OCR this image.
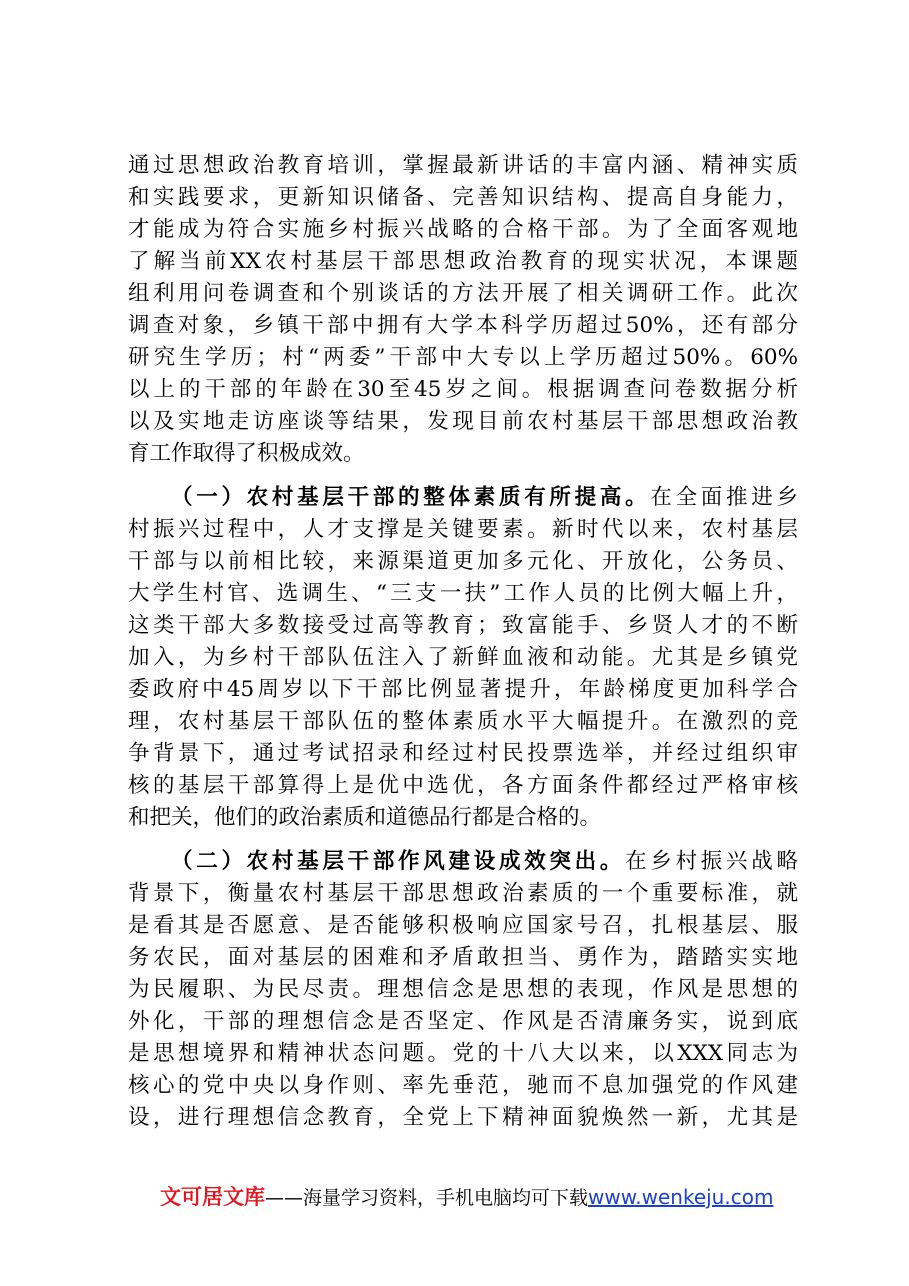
通过思想政治教育培训，掌握最新讲话的丰富内涵、精神实质
和实践要求，更新知识储备、完善知识结构、提高自身能力，
才能成为符合实施乡村振兴战略的合格干部。为了全面客观地
了解当前XX农村基层干部思想政治教育的现实状况，本课题
组利用问卷调查和个别谈话的方法开展了相关调研工作。此次
调查对象，乡镇干部中拥有大学本科学历超过50%，还有部分
研究生学历；村“两委”干部中大专以上学历超过50%。60%
以上的干部的年龄在30至45岁之间。根据调查问卷数据分析
以及实地走访座谈等结果，发现目前农村基层干部思想政治教
育工作取得了积极成效。
（一）农村基层干部的整体素质有所提高。在全面推进乡
村振兴过程中，人才支撑是关键要素。新时代以来，农村基层
干部与以前相比较，来源渠道更加多元化、开放化，公务员、
大学生村官、选调生、“三支一扶”工作人员的比例大幅上升，
这类干部大多数接受过高等教育；致富能手、乡贤人才的不断
加入，为乡村干部队伍注入了新鲜血液和动能。尤其是乡镇党
委政府中45周岁以下干部比例显著提升，年龄梯度更加科学合
理，农村基层干部队伍的整体素质水平大幅提升。在激烈的竞
争背景下，通过考试招录和经过村民投票选举，并经过组织审
核的基层干部算得上是优中选优，各方面条件都经过严格审核
和把关，他们的政治素质和道德品行都是合格的。
（二）农村基层干部作风建设成效突出。在乡村振兴战略
背景下，衡量农村基层干部思想政治素质的一个重要标准，就
是看其是否愿意、是否能够积极响应国家号召，扎根基层、服
务农民，面对基层的困难和矛盾敢担当、勇作为，踏踏实实地
为民履职、为民尽责。理想信念是思想的表现，作风是思想的
外化，干部的理想信念是否坚定、作风是否清廉务实，说到底
是思想境界和精神状态问题。党的十八大以来，以XXX同志为
核心的党中央以身作则、率先垂范，驰而不息加强党的作风建
设，进行理想信念教育，全党上下精神面貌焕然一新，尤其是
文可居文库——海量学习资料，手机电脑均可下载www.wenkeju.com
